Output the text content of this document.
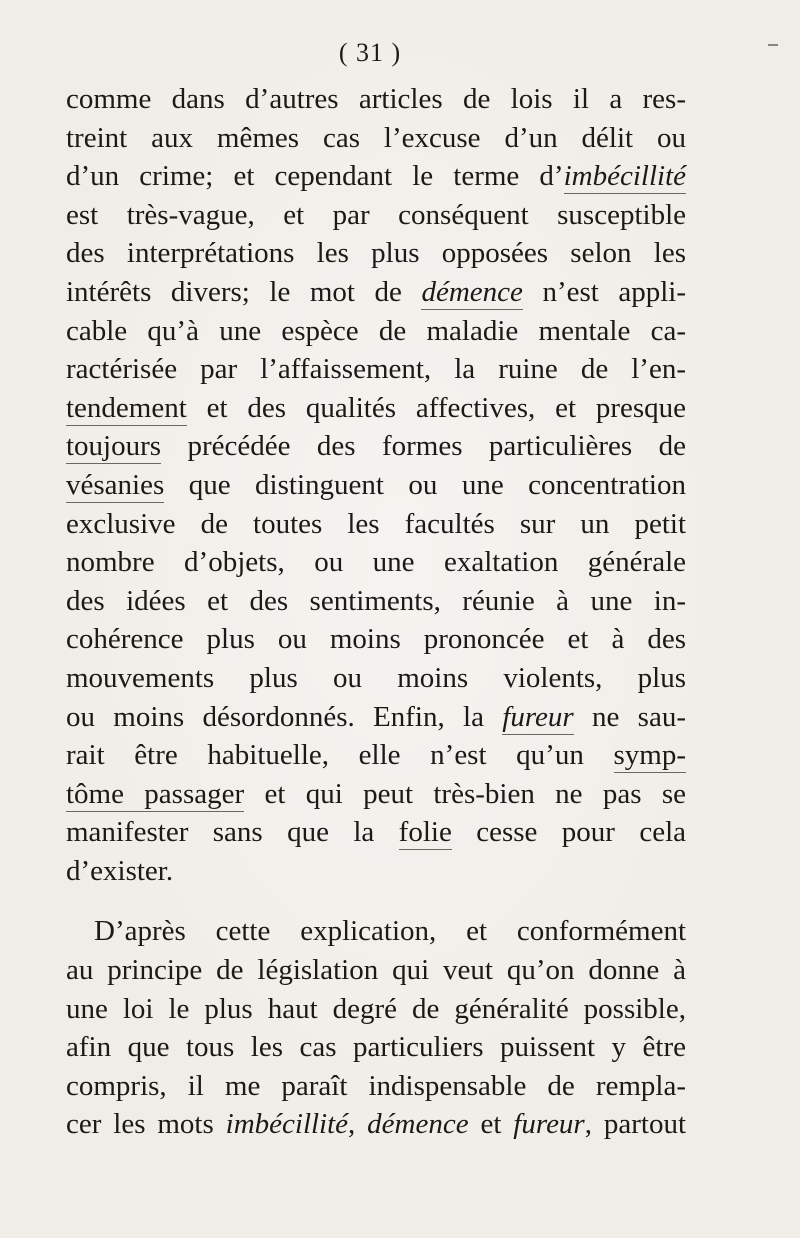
( 31 )
comme dans d’autres articles de lois il a res-
treint aux mêmes cas l’excuse d’un délit ou
d’un crime; et cependant le terme d’imbécillité
est très-vague, et par conséquent susceptible
des interprétations les plus opposées selon les
intérêts divers; le mot de démence n’est appli-
cable qu’à une espèce de maladie mentale ca-
ractérisée par l’affaissement, la ruine de l’en-
tendement et des qualités affectives, et presque
toujours précédée des formes particulières de
vésanies que distinguent ou une concentration
exclusive de toutes les facultés sur un petit
nombre d’objets, ou une exaltation générale
des idées et des sentiments, réunie à une in-
cohérence plus ou moins prononcée et à des
mouvements plus ou moins violents, plus
ou moins désordonnés. Enfin, la fureur ne sau-
rait être habituelle, elle n’est qu’un symp-
tôme passager et qui peut très-bien ne pas se
manifester sans que la folie cesse pour cela
d’exister.
D’après cette explication, et conformément
au principe de législation qui veut qu’on donne à
une loi le plus haut degré de généralité possible,
afin que tous les cas particuliers puissent y être
compris, il me paraît indispensable de rempla-
cer les mots imbécillité, démence et fureur, partout
